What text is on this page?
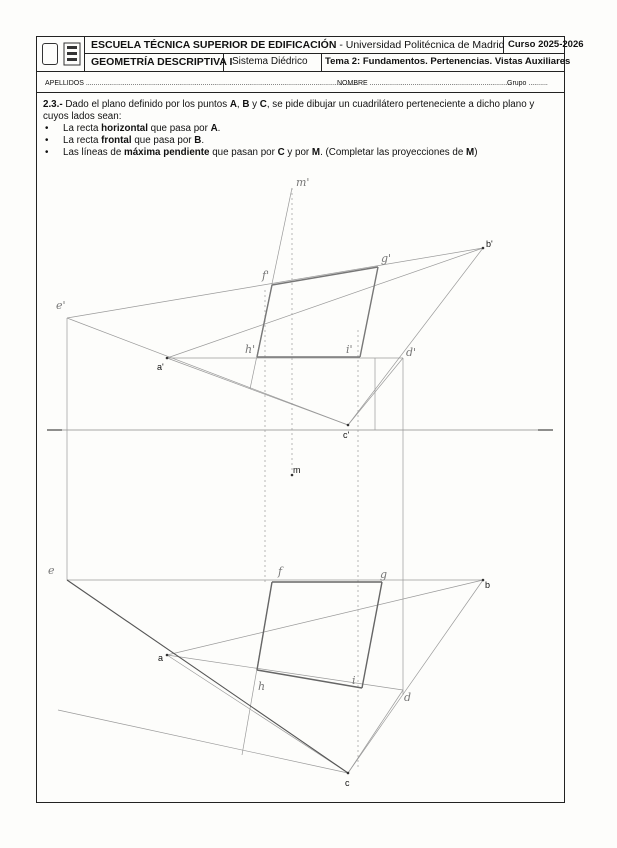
ESCUELA TÉCNICA SUPERIOR DE EDIFICACIÓN - Universidad Politécnica de Madrid Curso 2025-2026
GEOMETRÍA DESCRIPTIVA I Sistema Diédrico	Tema 2: Fundamentos. Pertenencias. Vistas Auxiliares
APELLIDOS ............................................................................................................................................
NOMBRE .........................................................................
Grupo ..........
2.3.- Dado el plano definido por los puntos A, B y C, se pide dibujar un cuadrilátero perteneciente a dicho plano y cuyos lados sean:
• La recta horizontal que pasa por A.
• La recta frontal que pasa por B.
• Las líneas de máxima pendiente que pasan por C y por M. (Completar las proyecciones de M)
a'
b'
c'
m
a
b
c
m'
e'
f'
g'
h'	i'	d'
e	f	g
h	i
d
